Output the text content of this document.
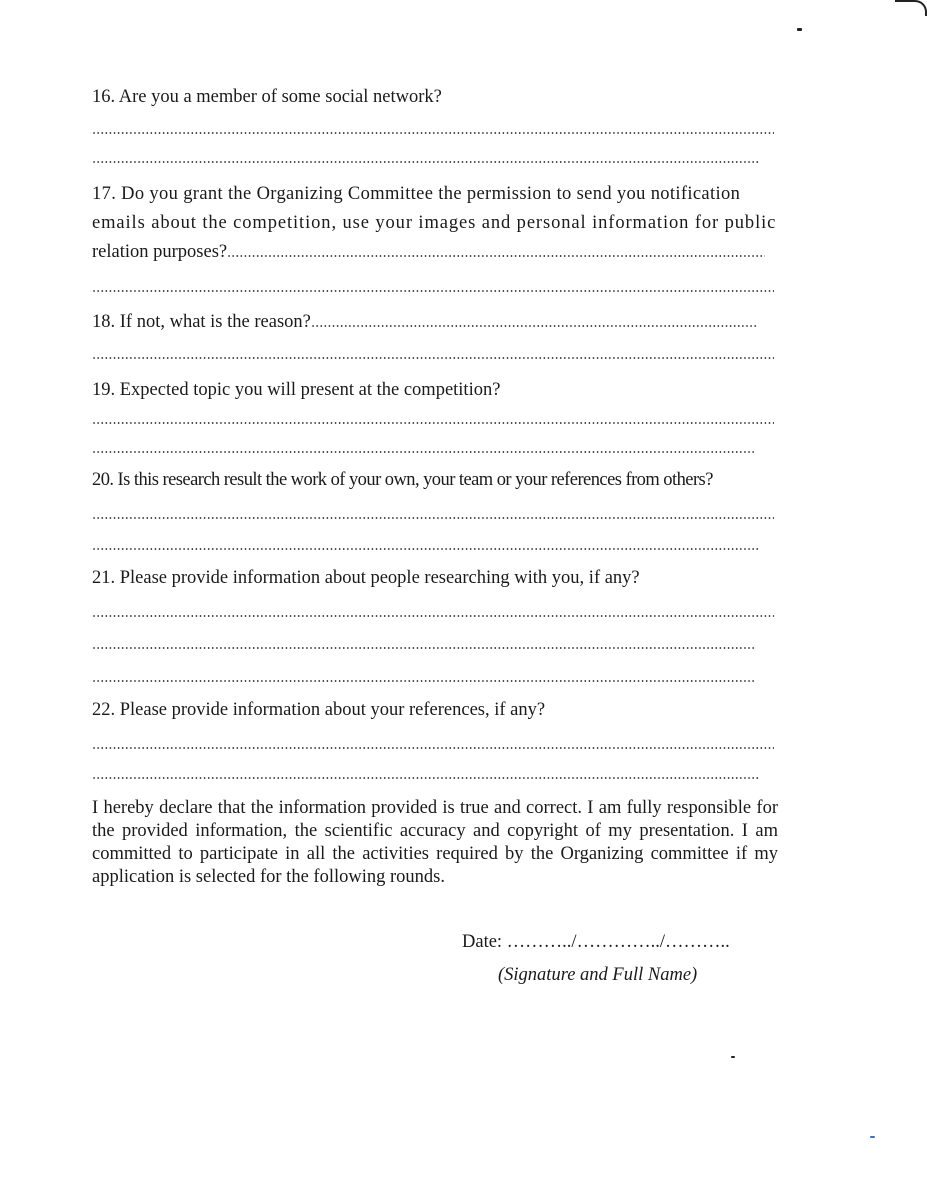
16. Are you a member of some social network?
17. Do you grant the Organizing Committee the permission to send you notification
emails about the competition, use your images and personal information for public
relation purposes?
18. If not, what is the reason?
19. Expected topic you will present at the competition?
20. Is this research result the work of your own, your team or your references from others?
21. Please provide information about people researching with you, if any?
22. Please provide information about your references, if any?
I hereby declare that the information provided is true and correct. I am fully responsible for the provided information, the scientific accuracy and copyright of my presentation. I am committed to participate in all the activities required by the Organizing committee if my application is selected for the following rounds.
Date: ………../…………../………..
(Signature and Full Name)
